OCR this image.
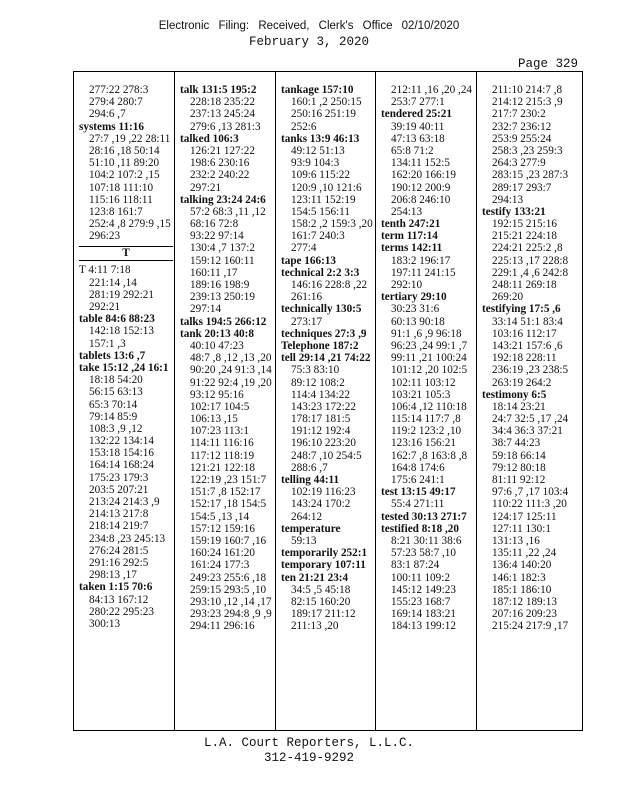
Electronic Filing: Received, Clerk's Office 02/10/2020
February 3, 2020
Page 329
277:22 278:3
279:4 280:7
294:6 ,7
systems 11:16
27:7 ,19 ,22 28:11
28:16 ,18 50:14
51:10 ,11 89:20
104:2 107:2 ,15
107:18 111:10
115:16 118:11
123:8 161:7
252:4 ,8 279:9 ,15
296:23
T
T 4:11 7:18
221:14 ,14
281:19 292:21
292:21
table 84:6 88:23
142:18 152:13
157:1 ,3
tablets 13:6 ,7
take 15:12 ,24 16:1
18:18 54:20
56:15 63:13
65:3 70:14
79:14 85:9
108:3 ,9 ,12
132:22 134:14
153:18 154:16
164:14 168:24
175:23 179:3
203:5 207:21
213:24 214:3 ,9
214:13 217:8
218:14 219:7
234:8 ,23 245:13
276:24 281:5
291:16 292:5
298:13 ,17
taken 1:15 70:6
84:13 167:12
280:22 295:23
300:13
talk 131:5 195:2
228:18 235:22
237:13 245:24
279:6 ,13 281:3
talked 106:3
126:21 127:22
198:6 230:16
232:2 240:22
297:21
talking 23:24 24:6
57:2 68:3 ,11 ,12
68:16 72:8
93:22 97:14
130:4 ,7 137:2
159:12 160:11
160:11 ,17
189:16 198:9
239:13 250:19
297:14
talks 194:5 266:12
tank 20:13 40:8
40:10 47:23
48:7 ,8 ,12 ,13 ,20
90:20 ,24 91:3 ,14
91:22 92:4 ,19 ,20
93:12 95:16
102:17 104:5
106:13 ,15
107:23 113:1
114:11 116:16
117:12 118:19
121:21 122:18
122:19 ,23 151:7
151:7 ,8 152:17
152:17 ,18 154:5
154:5 ,13 ,14
157:12 159:16
159:19 160:7 ,16
160:24 161:20
161:24 177:3
249:23 255:6 ,18
259:15 293:5 ,10
293:10 ,12 ,14 ,17
293:23 294:8 ,9 ,9
294:11 296:16
tankage 157:10
160:1 ,2 250:15
250:16 251:19
252:6
tanks 13:9 46:13
49:12 51:13
93:9 104:3
109:6 115:22
120:9 ,10 121:6
123:11 152:19
154:5 156:11
158:2 ,2 159:3 ,20
161:7 240:3
277:4
tape 166:13
technical 2:2 3:3
146:16 228:8 ,22
261:16
technically 130:5
273:17
techniques 27:3 ,9
Telephone 187:2
tell 29:14 ,21 74:22
75:3 83:10
89:12 108:2
114:4 134:22
143:23 172:22
178:17 181:5
191:12 192:4
196:10 223:20
248:7 ,10 254:5
288:6 ,7
telling 44:11
102:19 116:23
143:24 170:2
264:12
temperature
59:13
temporarily 252:1
temporary 107:11
ten 21:21 23:4
34:5 ,5 45:18
82:15 160:20
189:17 211:12
211:13 ,20
212:11 ,16 ,20 ,24
253:7 277:1
tendered 25:21
39:19 40:11
47:13 63:18
65:8 71:2
134:11 152:5
162:20 166:19
190:12 200:9
206:8 246:10
254:13
tenth 247:21
term 117:14
terms 142:11
183:2 196:17
197:11 241:15
292:10
tertiary 29:10
30:23 31:6
60:13 90:18
91:1 ,6 ,9 96:18
96:23 ,24 99:1 ,7
99:11 ,21 100:24
101:12 ,20 102:5
102:11 103:12
103:21 105:3
106:4 ,12 110:18
115:14 117:7 ,8
119:2 123:2 ,10
123:16 156:21
162:7 ,8 163:8 ,8
164:8 174:6
175:6 241:1
test 13:15 49:17
55:4 271:11
tested 30:13 271:7
testified 8:18 ,20
8:21 30:11 38:6
57:23 58:7 ,10
83:1 87:24
100:11 109:2
145:12 149:23
155:23 168:7
169:14 183:21
184:13 199:12
211:10 214:7 ,8
214:12 215:3 ,9
217:7 230:2
232:7 236:12
253:9 255:24
258:3 ,23 259:3
264:3 277:9
283:15 ,23 287:3
289:17 293:7
294:13
testify 133:21
192:15 215:16
215:21 224:18
224:21 225:2 ,8
225:13 ,17 228:8
229:1 ,4 ,6 242:8
248:11 269:18
269:20
testifying 17:5 ,6
33:14 51:1 83:4
103:16 112:17
143:21 157:6 ,6
192:18 228:11
236:19 ,23 238:5
263:19 264:2
testimony 6:5
18:14 23:21
24:7 32:5 ,17 ,24
34:4 36:3 37:21
38:7 44:23
59:18 66:14
79:12 80:18
81:11 92:12
97:6 ,7 ,17 103:4
110:22 111:3 ,20
124:17 125:11
127:11 130:1
131:13 ,16
135:11 ,22 ,24
136:4 140:20
146:1 182:3
185:1 186:10
187:12 189:13
207:16 209:23
215:24 217:9 ,17
L.A. Court Reporters, L.L.C.
312-419-9292
